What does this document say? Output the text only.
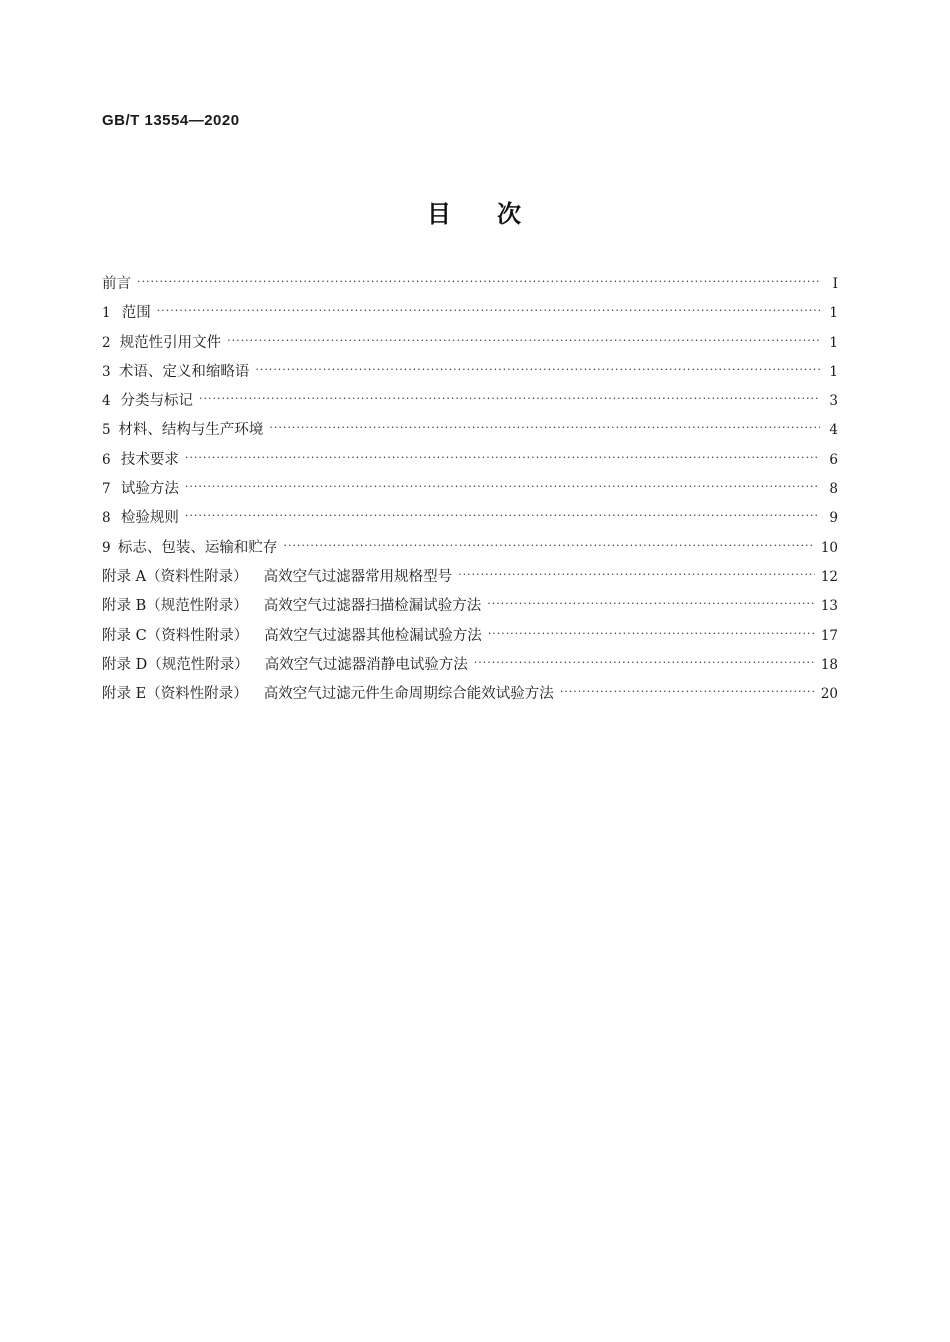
GB/T 13554—2020
目 次
前言 ·····	Ⅰ
1 范围 ·····	1
2 规范性引用文件 ·····	1
3 术语、定义和缩略语 ·····	1
4 分类与标记 ·····	3
5 材料、结构与生产环境 ·····	4
6 技术要求 ·····	6
7 试验方法 ·····	8
8 检验规则 ·····	9
9 标志、包装、运输和贮存 ·····	10
附录 A（资料性附录） 高效空气过滤器常用规格型号 ·····	12
附录 B（规范性附录） 高效空气过滤器扫描检漏试验方法 ·····	13
附录 C（资料性附录） 高效空气过滤器其他检漏试验方法 ·····	17
附录 D（规范性附录） 高效空气过滤器消静电试验方法 ·····	18
附录 E（资料性附录） 高效空气过滤元件生命周期综合能效试验方法 ·····	20
